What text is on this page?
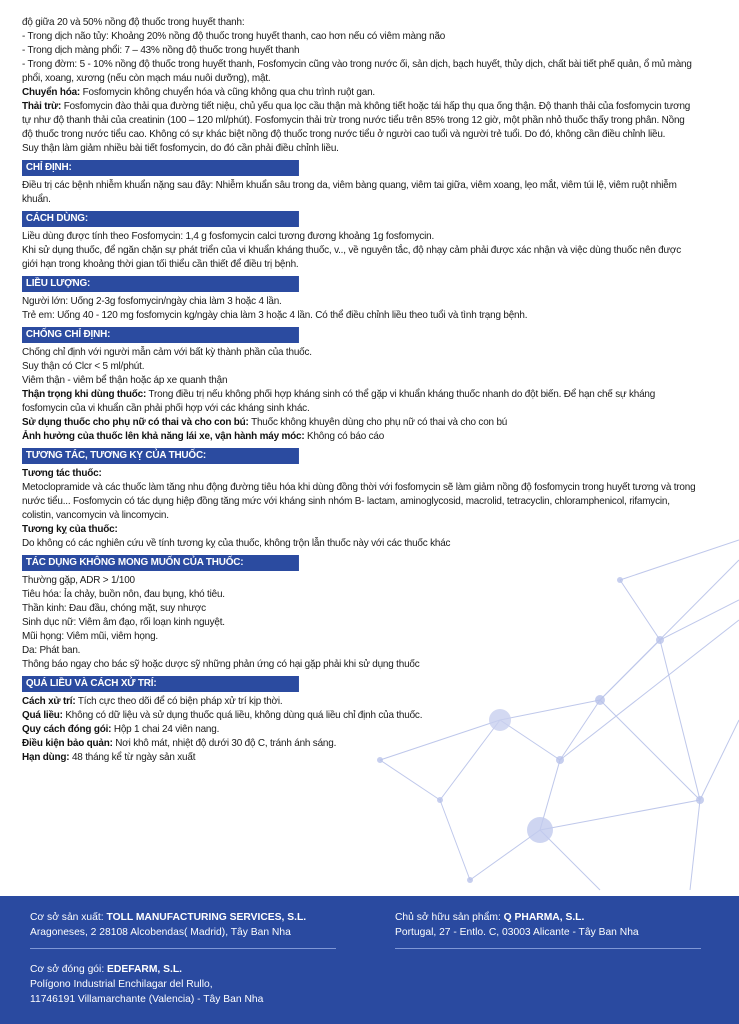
độ giữa 20 và 50% nồng độ thuốc trong huyết thanh:

- Trong dịch não tủy: Khoảng 20% nồng độ thuốc trong huyết thanh, cao hơn nếu có viêm màng não

- Trong dịch màng phổi: 7 – 43% nồng độ thuốc trong huyết thanh

- Trong đờm: 5 - 10% nồng độ thuốc trong huyết thanh, Fosfomycin cũng vào trong nước ối, sản dịch, bạch huyết, thủy dịch, chất bài tiết phế quản, ổ mủ màng phổi, xoang, xương (nếu còn mạch máu nuôi dưỡng), mật.

Chuyển hóa: Fosfomycin không chuyển hóa và cũng không qua chu trình ruột gan.

Thải trừ: Fosfomycin đào thải qua đường tiết niệu, chủ yếu qua lọc cầu thận mà không tiết hoặc tái hấp thụ qua ống thận. Độ thanh thải của fosfomycin tương tự như độ thanh thải của creatinin (100 – 120 ml/phút). Fosfomycin thải trừ trong nước tiểu trên 85% trong 12 giờ, một phần nhỏ thuốc thấy trong phân. Nồng độ thuốc trong nước tiểu cao. Không có sự khác biệt nồng độ thuốc trong nước tiểu ở người cao tuổi và người trẻ tuổi. Do đó, không cần điều chỉnh liều.

Suy thận làm giảm nhiều bài tiết fosfomycin, do đó cần phải điều chỉnh liều.

CHỈ ĐỊNH:

Điều trị các bệnh nhiễm khuẩn nặng sau đây: Nhiễm khuẩn sâu trong da, viêm bàng quang, viêm tai giữa, viêm xoang, lẹo mắt, viêm túi lệ, viêm ruột nhiễm khuẩn.

CÁCH DÙNG:

Liều dùng được tính theo Fosfomycin: 1,4 g fosfomycin calci tương đương khoảng 1g fosfomycin.

Khi sử dụng thuốc, để ngăn chặn sự phát triển của vi khuẩn kháng thuốc, v.., về nguyên tắc, độ nhạy cảm phải được xác nhận và việc dùng thuốc nên được giới hạn trong khoảng thời gian tối thiểu cần thiết để điều trị bệnh.

LIỀU LƯỢNG:

Người lớn: Uống 2-3g fosfomycin/ngày chia làm 3 hoặc 4 lần.

Trẻ em: Uống 40 - 120 mg fosfomycin kg/ngày chia làm 3 hoặc 4 lần. Có thể điều chỉnh liều theo tuổi và tình trạng bệnh.

CHỐNG CHỈ ĐỊNH:

Chống chỉ định với người mẫn cảm với bất kỳ thành phần của thuốc.

Suy thận có Clcr < 5 ml/phút.

Viêm thận - viêm bể thận hoặc áp xe quanh thận

Thận trọng khi dùng thuốc: Trong điều trị nếu không phối hợp kháng sinh có thể gặp vi khuẩn kháng thuốc nhanh do đột biến. Để hạn chế sự kháng fosfomycin của vi khuẩn cần phải phối hợp với các kháng sinh khác.

Sử dụng thuốc cho phụ nữ có thai và cho con bú: Thuốc không khuyên dùng cho phụ nữ có thai và cho con bú

Ảnh hưởng của thuốc lên khả năng lái xe, vận hành máy móc: Không có báo cáo

TƯƠNG TÁC, TƯƠNG KỴ CỦA THUỐC:

Tương tác thuốc:

Metoclopramide và các thuốc làm tăng nhu động đường tiêu hóa khi dùng đồng thời với fosfomycin sẽ làm giảm nồng độ fosfomycin trong huyết tương và trong nước tiểu... Fosfomycin có tác dụng hiệp đồng tăng mức với kháng sinh nhóm B- lactam, aminoglycosid, macrolid, tetracyclin, chloramphenicol, rifamycin, colistin, vancomycin và lincomycin.

Tương kỵ của thuốc:

Do không có các nghiên cứu về tính tương kỵ của thuốc, không trộn lẫn thuốc này với các thuốc khác

TÁC DỤNG KHÔNG MONG MUỐN CỦA THUỐC:

Thường gặp, ADR > 1/100

Tiêu hóa: Ỉa chảy, buồn nôn, đau bụng, khó tiêu.

Thần kinh: Đau đầu, chóng mặt, suy nhược

Sinh dục nữ: Viêm âm đạo, rối loạn kinh nguyệt.

Mũi họng: Viêm mũi, viêm họng.

Da: Phát ban.

Thông báo ngay cho bác sỹ hoặc dược sỹ những phản ứng có hại gặp phải khi sử dụng thuốc

QUÁ LIỀU VÀ CÁCH XỬ TRÍ:

Cách xử trí: Tích cực theo dõi để có biện pháp xử trí kịp thời.

Quá liều: Không có dữ liệu và sử dụng thuốc quá liều, không dùng quá liều chỉ định của thuốc.

Quy cách đóng gói: Hộp 1 chai 24 viên nang.

Điều kiện bảo quản: Nơi khô mát, nhiệt độ dưới 30 độ C, tránh ánh sáng.

Hạn dùng: 48 tháng kể từ ngày sản xuất

Cơ sở sản xuất: TOLL MANUFACTURING SERVICES, S.L.
Aragoneses, 2 28108 Alcobendas( Madrid), Tây Ban Nha
Chủ sở hữu sản phẩm: Q PHARMA, S.L.
Portugal, 27 - Entlo. C, 03003 Alicante - Tây Ban Nha
Cơ sở đóng gói: EDEFARM, S.L.
Polígono Industrial Enchilagar del Rullo,
11746191 Villamarchante (Valencia) - Tây Ban Nha
